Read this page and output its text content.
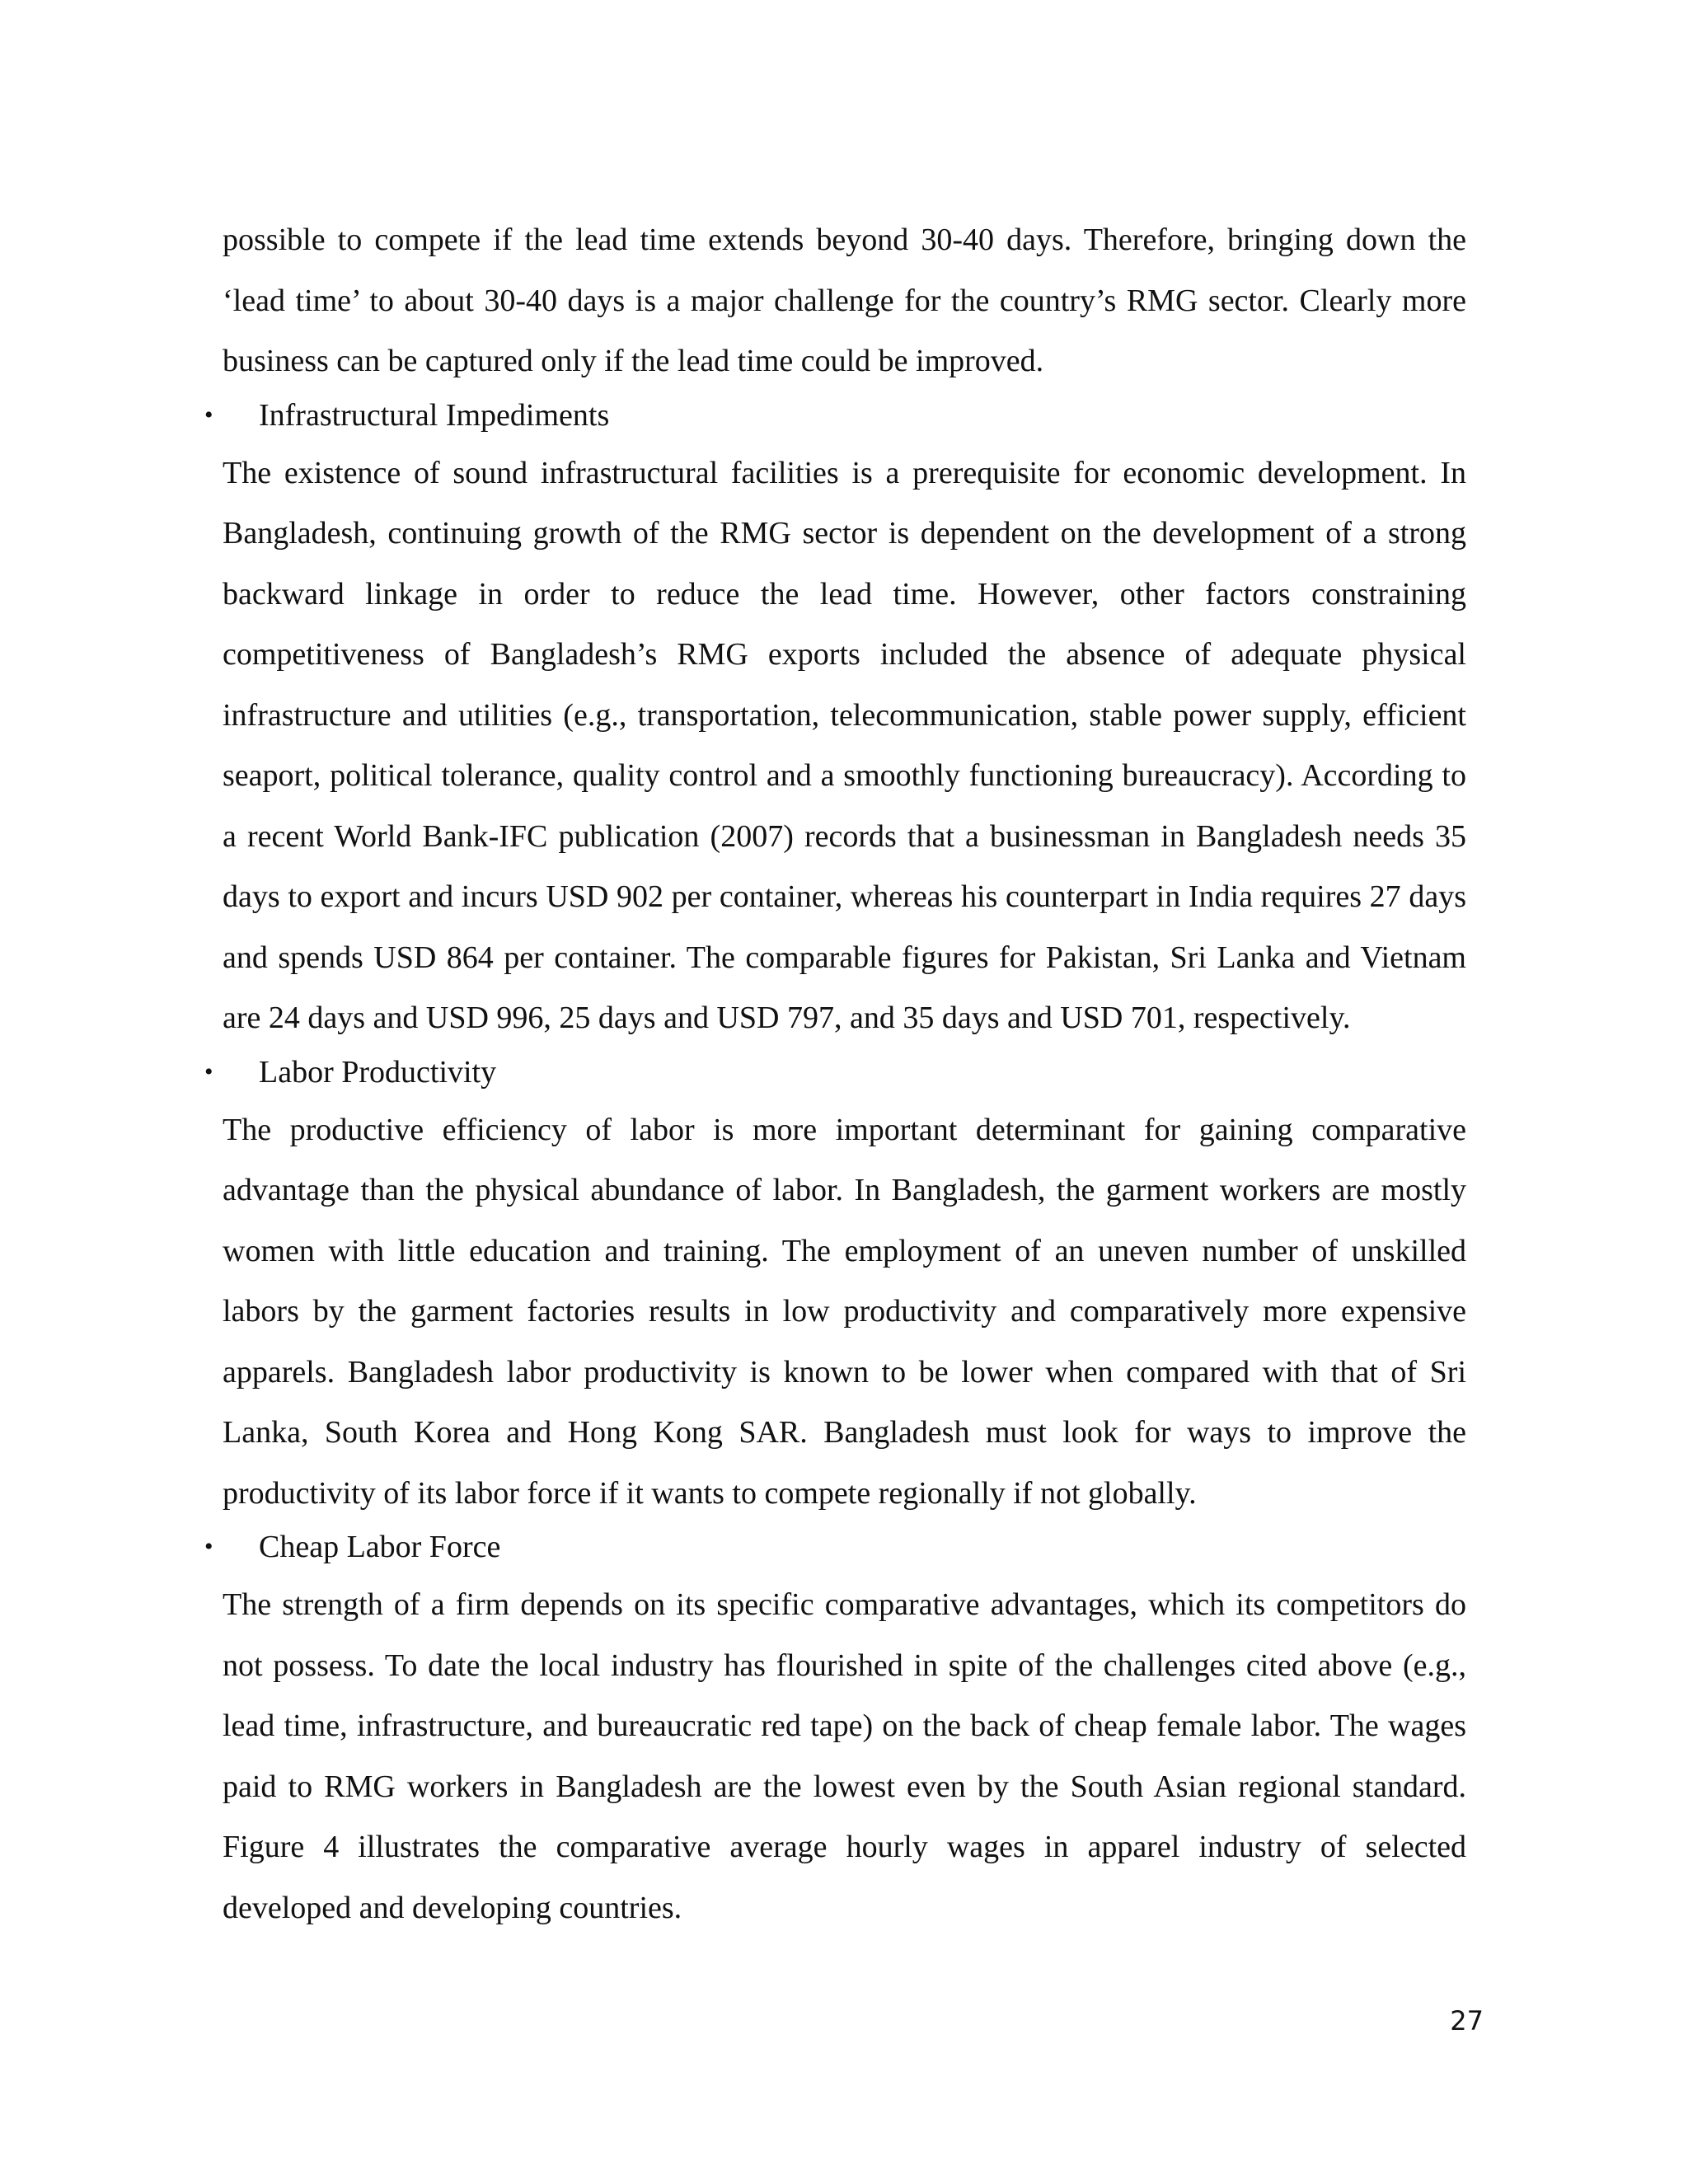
possible to compete if the lead time extends beyond 30-40 days. Therefore, bringing down the ‘lead time’ to about 30-40 days is a major challenge for the country’s RMG sector. Clearly more business can be captured only if the lead time could be improved.

• Infrastructural Impediments

The existence of sound infrastructural facilities is a prerequisite for economic development. In Bangladesh, continuing growth of the RMG sector is dependent on the development of a strong backward linkage in order to reduce the lead time. However, other factors constraining competitiveness of Bangladesh’s RMG exports included the absence of adequate physical infrastructure and utilities (e.g., transportation, telecommunication, stable power supply, efficient seaport, political tolerance, quality control and a smoothly functioning bureaucracy). According to a recent World Bank-IFC publication (2007) records that a businessman in Bangladesh needs 35 days to export and incurs USD 902 per container, whereas his counterpart in India requires 27 days and spends USD 864 per container. The comparable figures for Pakistan, Sri Lanka and Vietnam are 24 days and USD 996, 25 days and USD 797, and 35 days and USD 701, respectively.

• Labor Productivity

The productive efficiency of labor is more important determinant for gaining comparative advantage than the physical abundance of labor. In Bangladesh, the garment workers are mostly women with little education and training. The employment of an uneven number of unskilled labors by the garment factories results in low productivity and comparatively more expensive apparels. Bangladesh labor productivity is known to be lower when compared with that of Sri Lanka, South Korea and Hong Kong SAR. Bangladesh must look for ways to improve the productivity of its labor force if it wants to compete regionally if not globally.

• Cheap Labor Force

The strength of a firm depends on its specific comparative advantages, which its competitors do not possess. To date the local industry has flourished in spite of the challenges cited above (e.g., lead time, infrastructure, and bureaucratic red tape) on the back of cheap female labor. The wages paid to RMG workers in Bangladesh are the lowest even by the South Asian regional standard. Figure 4 illustrates the comparative average hourly wages in apparel industry of selected developed and developing countries.

27
